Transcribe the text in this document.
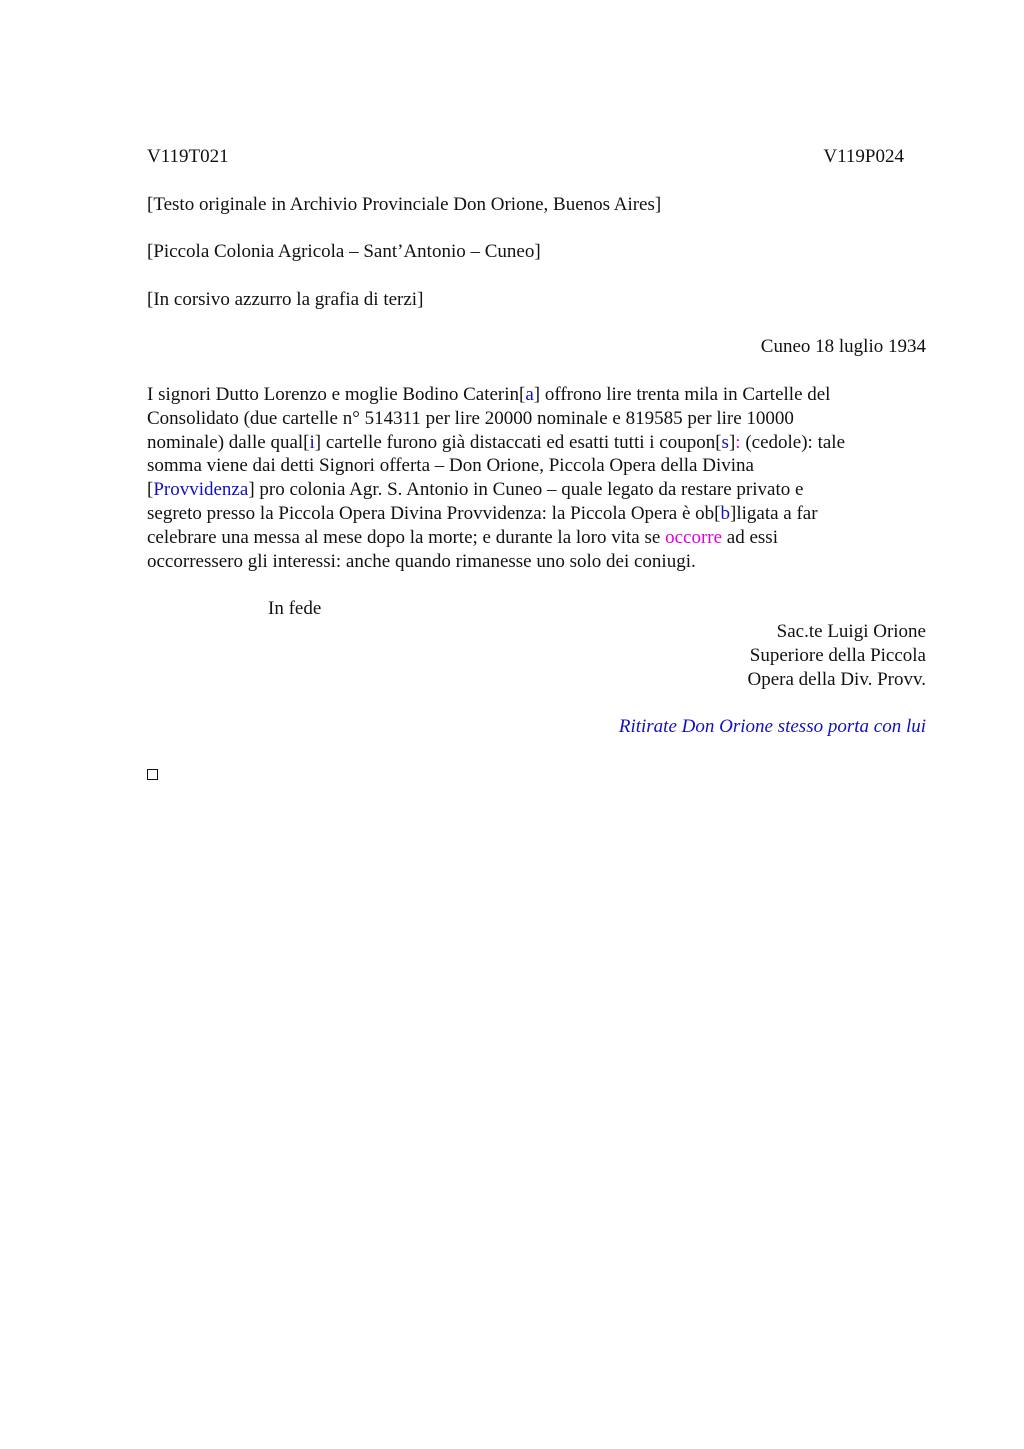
V119T021	V119P024
[Testo originale in Archivio Provinciale Don Orione, Buenos Aires]
[Piccola Colonia Agricola – Sant’Antonio – Cuneo]
[In corsivo azzurro la grafia di terzi]
Cuneo 18 luglio 1934
I signori Dutto Lorenzo e moglie Bodino Caterin[a] offrono lire trenta mila in Cartelle del
Consolidato (due cartelle n° 514311 per lire 20000 nominale e 819585 per lire 10000
nominale) dalle qual[i] cartelle furono già distaccati ed esatti tutti i coupon[s]: (cedole): tale
somma viene dai detti Signori offerta – Don Orione, Piccola Opera della Divina
[Provvidenza] pro colonia Agr. S. Antonio in Cuneo – quale legato da restare privato e
segreto presso la Piccola Opera Divina Provvidenza: la Piccola Opera è ob[b]ligata a far
celebrare una messa al mese dopo la morte; e durante la loro vita se occorre ad essi
occorressero gli interessi: anche quando rimanesse uno solo dei coniugi.
In fede
Sac.te Luigi Orione
Superiore della Piccola
Opera della Div. Provv.
Ritirate Don Orione stesso porta con lui
